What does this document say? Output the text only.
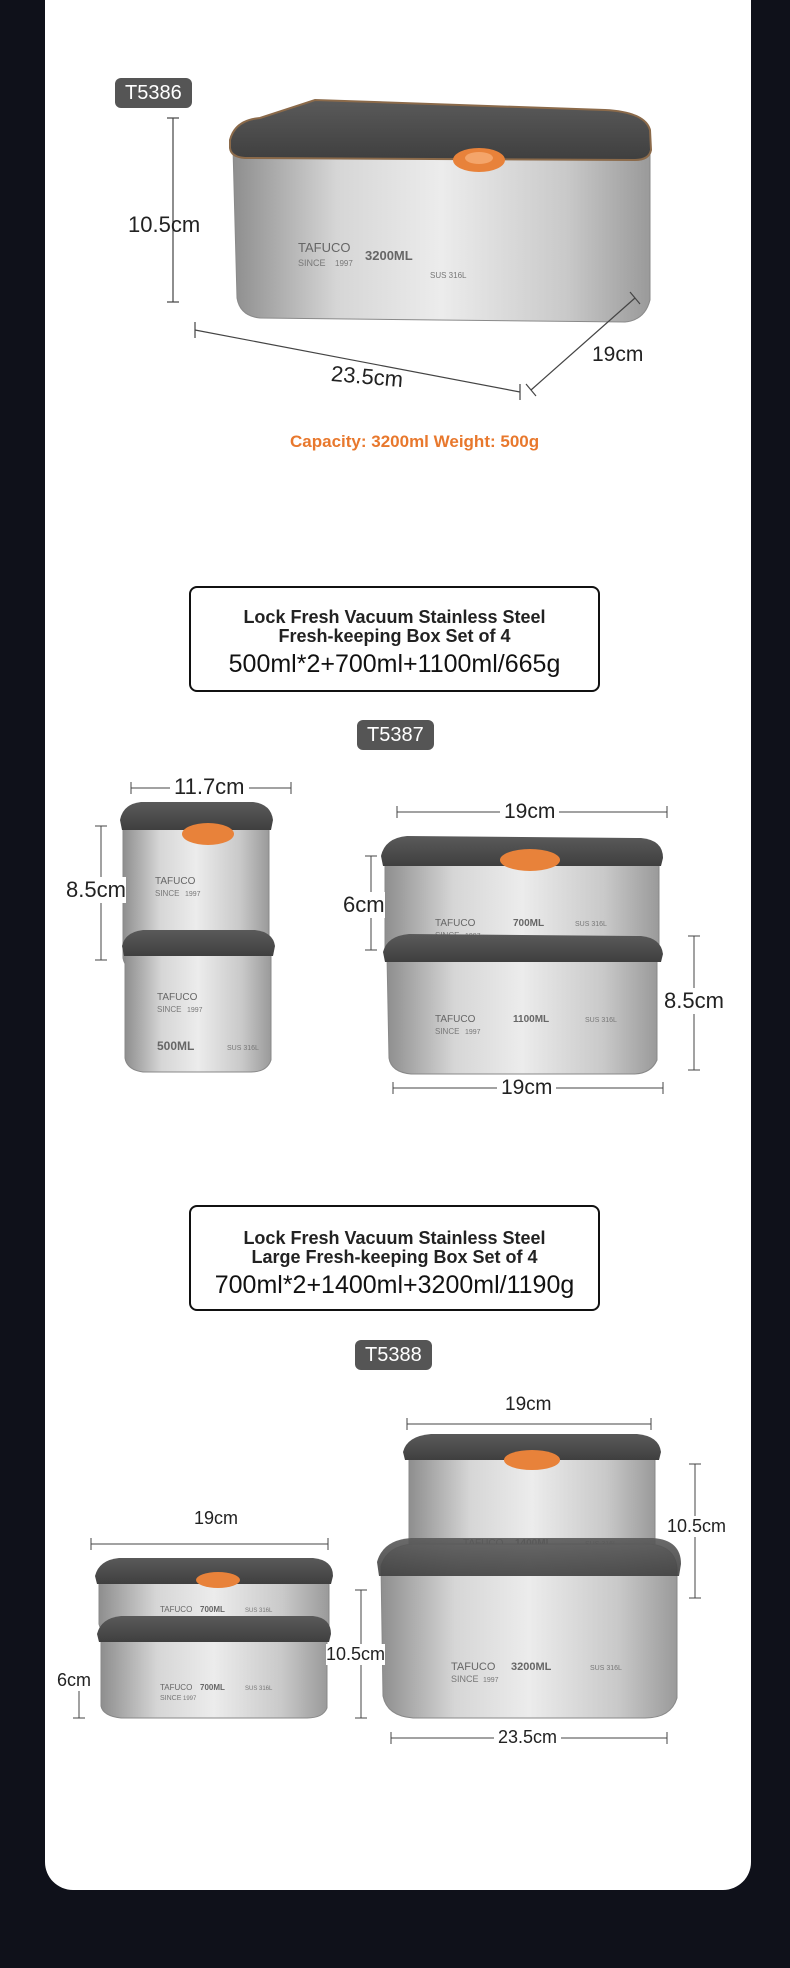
T5386
TAFUCO
SINCE 1997
3200ML
SUS 316L
10.5cm
23.5cm
19cm
Capacity: 3200ml Weight: 500g
Lock Fresh Vacuum Stainless Steel
Fresh-keeping Box Set of 4
500ml*2+700ml+1100ml/665g
T5387
TAFUCO
SINCE 1997
TAFUCO
SINCE 1997
500ML	SUS 316L
TAFUCO	700ML	SUS 316L
TAFUCO
SINCE 1997
1100ML	SUS 316L
11.7cm
8.5cm
19cm
6cm
8.5cm
19cm
Lock Fresh Vacuum Stainless Steel
Large Fresh-keeping Box Set of 4
700ml*2+1400ml+3200ml/1190g
T5388
TAFUCO 700ML	SUS 316L
TAFUCO
SINCE 1997
700ML	SUS 316L
TAFUCO
SINCE 1997
3200ML	SUS 316L
19cm
6cm
10.5cm
19cm
10.5cm
23.5cm
